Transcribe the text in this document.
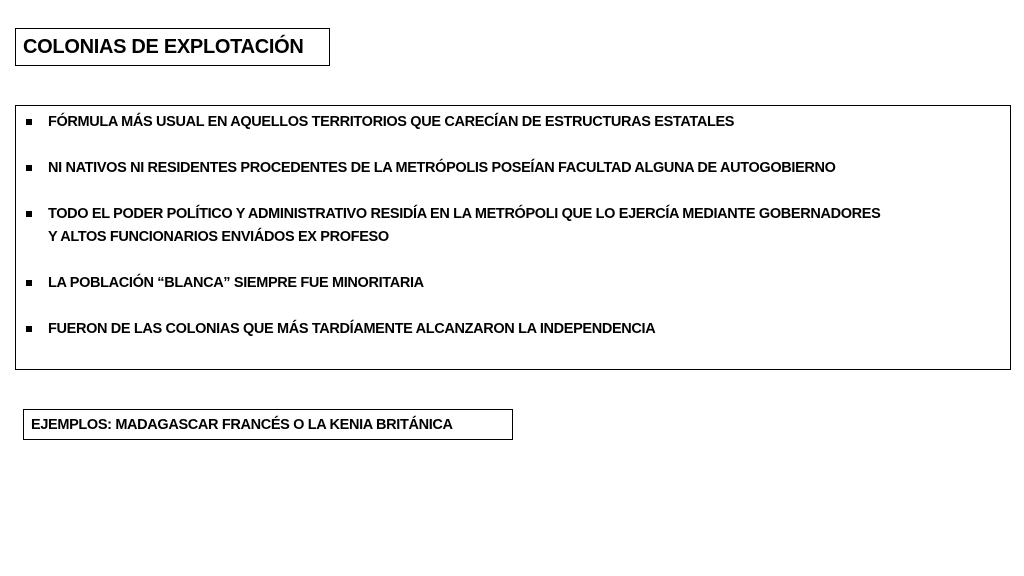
COLONIAS DE EXPLOTACIÓN
FÓRMULA MÁS USUAL EN AQUELLOS TERRITORIOS QUE CARECÍAN DE ESTRUCTURAS ESTATALES
NI NATIVOS NI RESIDENTES PROCEDENTES DE LA METRÓPOLIS POSEÍAN FACULTAD ALGUNA DE AUTOGOBIERNO
TODO EL PODER POLÍTICO Y ADMINISTRATIVO RESIDÍA EN LA METRÓPOLI QUE LO EJERCÍA MEDIANTE GOBERNADORES
Y ALTOS FUNCIONARIOS ENVIÁDOS EX PROFESO
LA POBLACIÓN “BLANCA” SIEMPRE FUE MINORITARIA
FUERON DE LAS COLONIAS QUE MÁS TARDÍAMENTE ALCANZARON LA INDEPENDENCIA
EJEMPLOS: MADAGASCAR FRANCÉS O LA KENIA BRITÁNICA
